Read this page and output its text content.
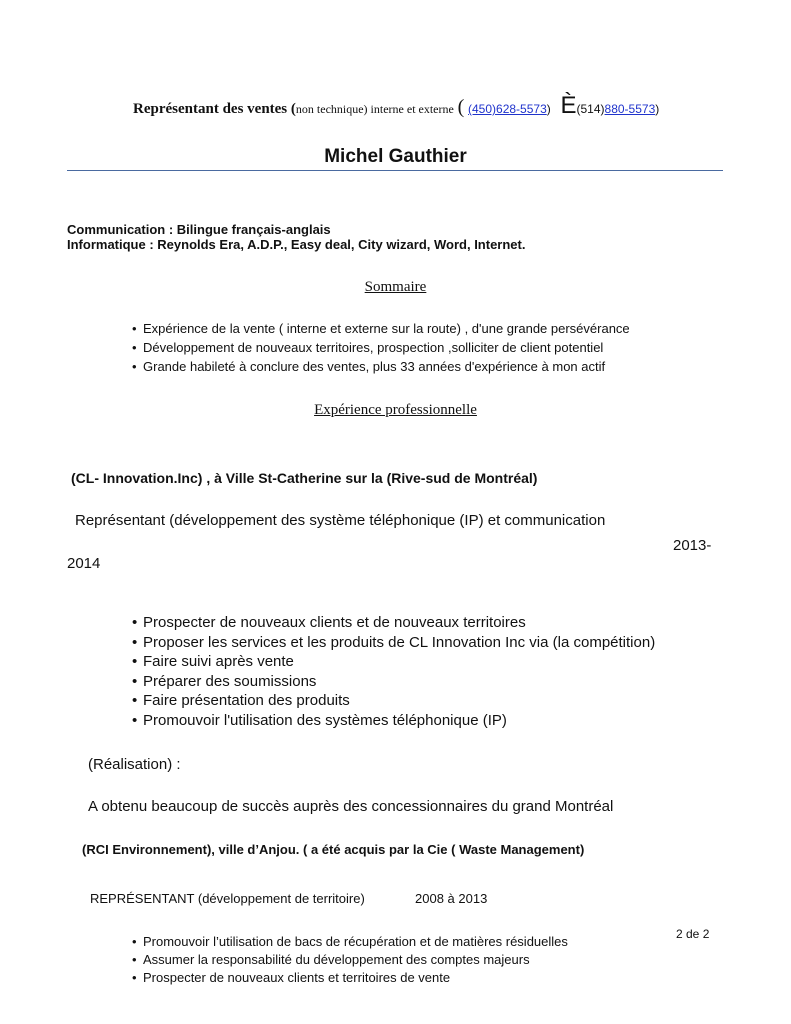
Représentant des ventes (non technique) interne et externe ( (450)628-5573) È(514)880-5573)
Michel Gauthier
Communication : Bilingue français-anglais
Informatique : Reynolds Era, A.D.P., Easy deal, City wizard, Word, Internet.
Sommaire
• Expérience de la vente ( interne et externe sur la route) , d'une grande persévérance
• Développement de nouveaux territoires, prospection ,solliciter de client potentiel
• Grande habileté à conclure des ventes, plus 33 années d'expérience à mon actif
Expérience professionnelle
(CL- Innovation.Inc) , à Ville St-Catherine sur la (Rive-sud de Montréal)
Représentant (développement des système téléphonique (IP) et communication
2013-
2014
• Prospecter de nouveaux clients et de nouveaux territoires
• Proposer les services et les produits de CL Innovation Inc via (la compétition)
• Faire suivi après vente
• Préparer des soumissions
• Faire présentation des produits
• Promouvoir l'utilisation des systèmes téléphonique (IP)
(Réalisation) :
A obtenu beaucoup de succès auprès des concessionnaires du grand Montréal
(RCI Environnement), ville d’Anjou. ( a été acquis par la Cie ( Waste Management)
REPRÉSENTANT (développement de territoire)	2008 à 2013
2 de 2
• Promouvoir l’utilisation de bacs de récupération et de matières résiduelles
• Assumer la responsabilité du développement des comptes majeurs
• Prospecter de nouveaux clients et territoires de vente
